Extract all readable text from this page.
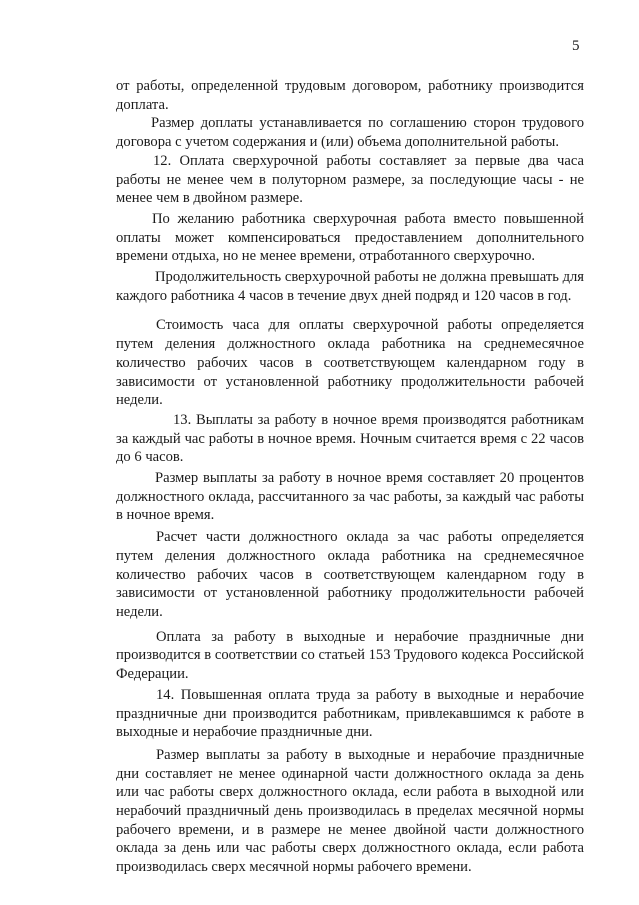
5

от работы, определенной трудовым договором, работнику производится доплата.

Размер доплаты устанавливается по соглашению сторон трудового договора с учетом содержания и (или) объема дополнительной работы.

12. Оплата сверхурочной работы составляет за первые два часа работы не менее чем в полуторном размере, за последующие часы - не менее чем в двойном размере.

По желанию работника сверхурочная работа вместо повышенной оплаты может компенсироваться предоставлением дополнительного времени отдыха, но не менее времени, отработанного сверхурочно.

Продолжительность сверхурочной работы не должна превышать для каждого работника 4 часов в течение двух дней подряд и 120 часов в год.

Стоимость часа для оплаты сверхурочной работы определяется путем деления должностного оклада работника на среднемесячное количество рабочих часов в соответствующем календарном году в зависимости от установленной работнику продолжительности рабочей недели.

13. Выплаты за работу в ночное время производятся работникам за каждый час работы в ночное время. Ночным считается время с 22 часов до 6 часов.

Размер выплаты за работу в ночное время составляет 20 процентов должностного оклада, рассчитанного за час работы, за каждый час работы в ночное время.

Расчет части должностного оклада за час работы определяется путем деления должностного оклада работника на среднемесячное количество рабочих часов в соответствующем календарном году в зависимости от установленной работнику продолжительности рабочей недели.

Оплата за работу в выходные и нерабочие праздничные дни производится в соответствии со статьей 153 Трудового кодекса Российской Федерации.

14. Повышенная оплата труда за работу в выходные и нерабочие праздничные дни производится работникам, привлекавшимся к работе в выходные и нерабочие праздничные дни.

Размер выплаты за работу в выходные и нерабочие праздничные дни составляет не менее одинарной части должностного оклада за день или час работы сверх должностного оклада, если работа в выходной или нерабочий праздничный день производилась в пределах месячной нормы рабочего времени, и в размере не менее двойной части должностного оклада за день или час работы сверх должностного оклада, если работа производилась сверх месячной нормы рабочего времени.
